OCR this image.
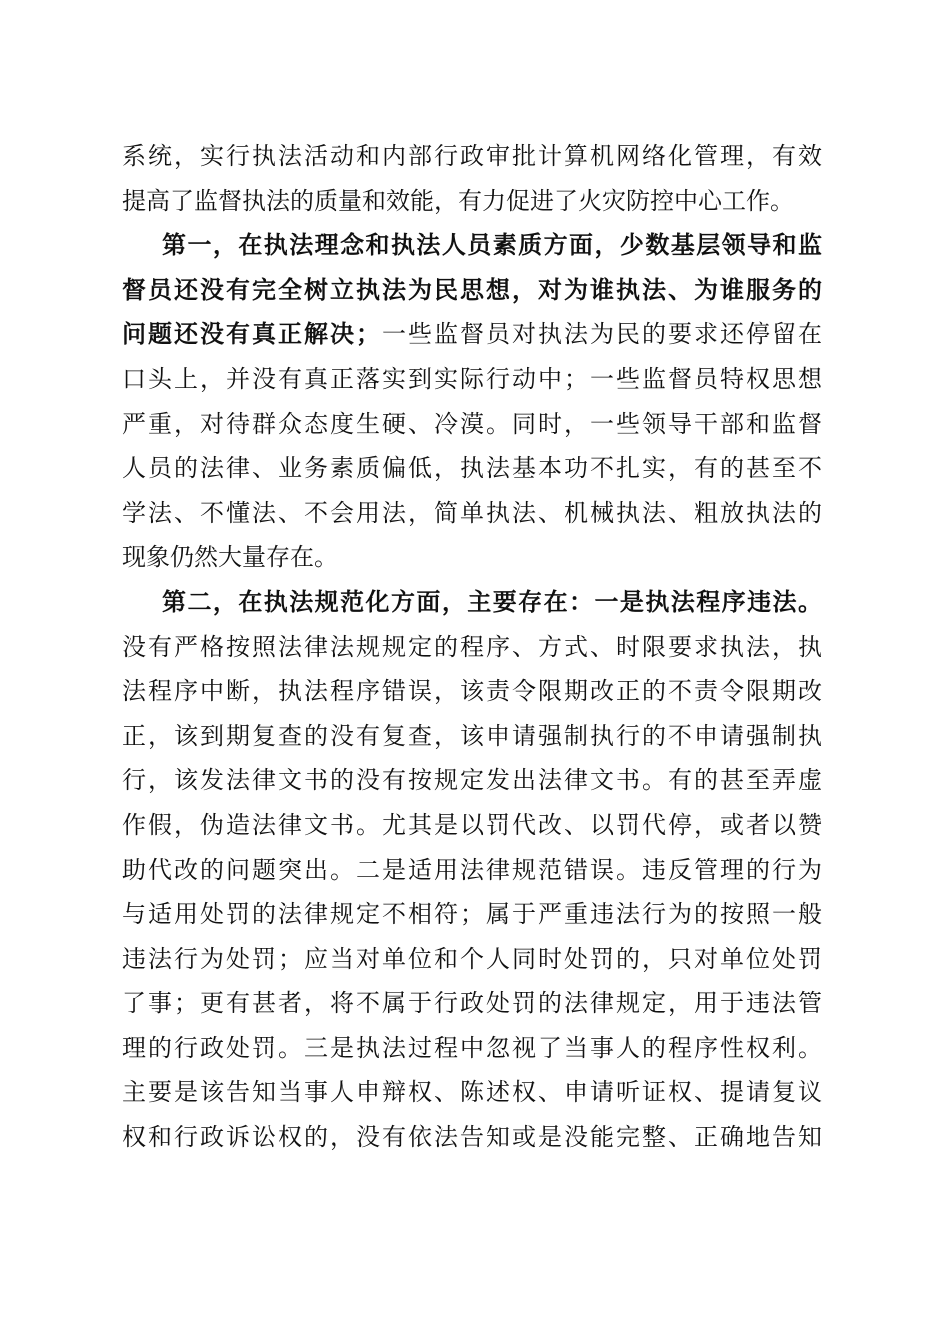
系统，实行执法活动和内部行政审批计算机网络化管理，有效
提高了监督执法的质量和效能，有力促进了火灾防控中心工作。
第一，在执法理念和执法人员素质方面，少数基层领导和监
督员还没有完全树立执法为民思想，对为谁执法、为谁服务的
问题还没有真正解决；一些监督员对执法为民的要求还停留在
口头上，并没有真正落实到实际行动中；一些监督员特权思想
严重，对待群众态度生硬、冷漠。同时，一些领导干部和监督
人员的法律、业务素质偏低，执法基本功不扎实，有的甚至不
学法、不懂法、不会用法，简单执法、机械执法、粗放执法的
现象仍然大量存在。
第二，在执法规范化方面，主要存在：一是执法程序违法。
没有严格按照法律法规规定的程序、方式、时限要求执法，执
法程序中断，执法程序错误，该责令限期改正的不责令限期改
正，该到期复查的没有复查，该申请强制执行的不申请强制执
行，该发法律文书的没有按规定发出法律文书。有的甚至弄虚
作假，伪造法律文书。尤其是以罚代改、以罚代停，或者以赞
助代改的问题突出。二是适用法律规范错误。违反管理的行为
与适用处罚的法律规定不相符；属于严重违法行为的按照一般
违法行为处罚；应当对单位和个人同时处罚的，只对单位处罚
了事；更有甚者，将不属于行政处罚的法律规定，用于违法管
理的行政处罚。三是执法过程中忽视了当事人的程序性权利。
主要是该告知当事人申辩权、陈述权、申请听证权、提请复议
权和行政诉讼权的，没有依法告知或是没能完整、正确地告知
